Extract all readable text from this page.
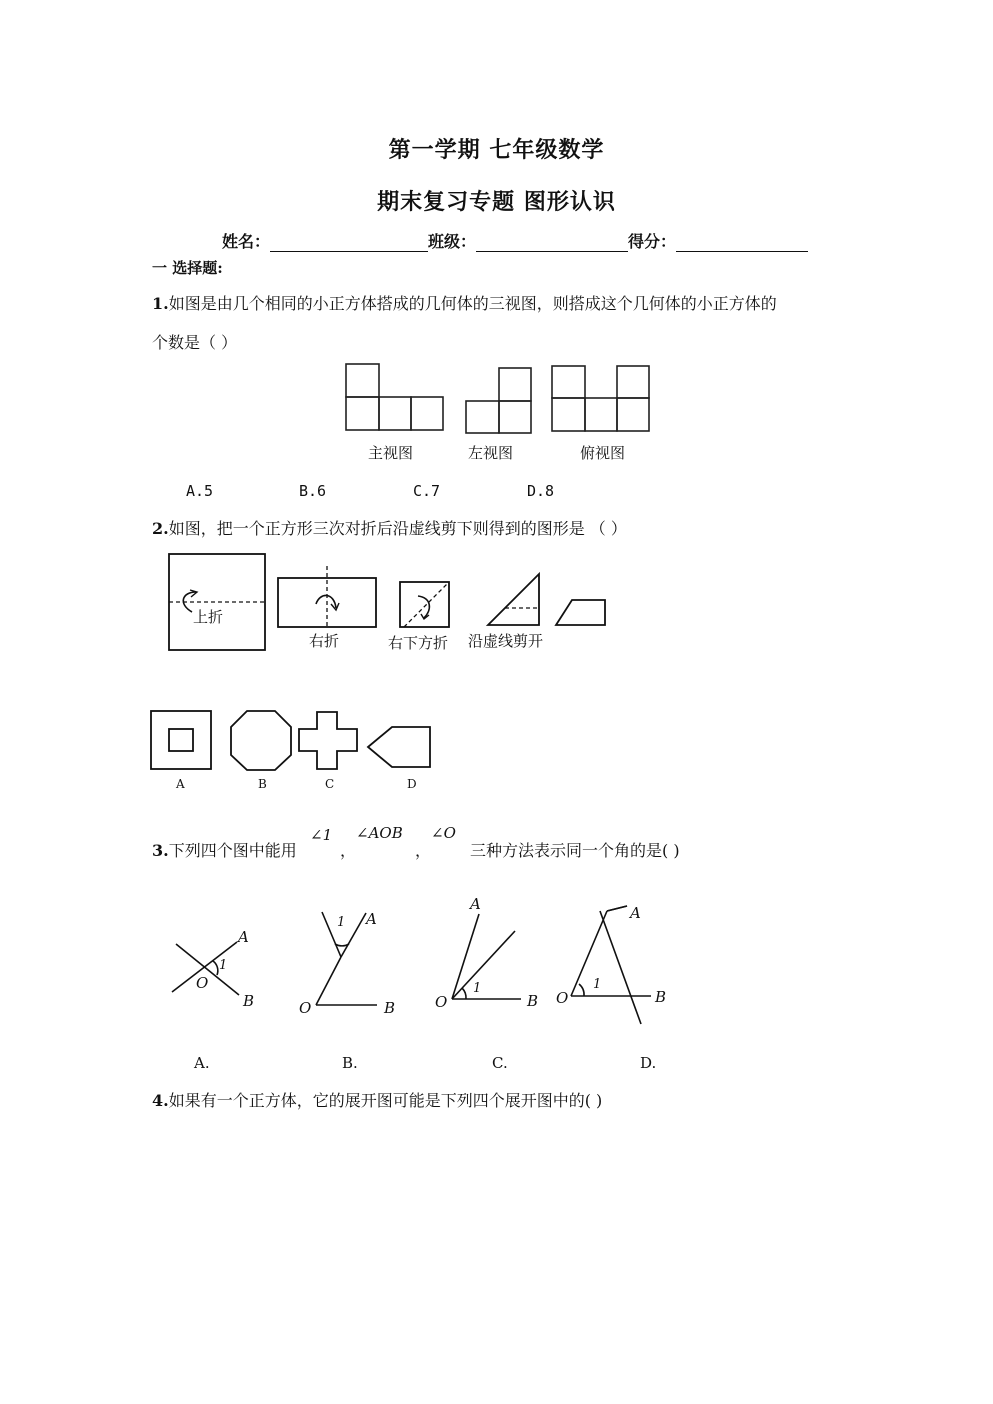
第一学期 七年级数学
期末复习专题 图形认识
姓名：	班级：	得分：
一 选择题:
1.如图是由几个相同的小正方体搭成的几何体的三视图，则搭成这个几何体的小正方体的
个数是（ ）
主视图	左视图	俯视图
A.5	B.6	C.7	D.8
2.如图，把一个正方形三次对折后沿虚线剪下则得到的图形是 （ ）
上折
右折	右下方折 沿虚线剪开
A	B	C	D
3.下列四个图中能用
∠1
，
∠AOB
，
∠O
三种方法表示同一个角的是( )
A
1
O
B
1 A
O	B
A
1
O	B
A
1
O	B
A.	B.	C.	D.
4.如果有一个正方体，它的展开图可能是下列四个展开图中的( )
